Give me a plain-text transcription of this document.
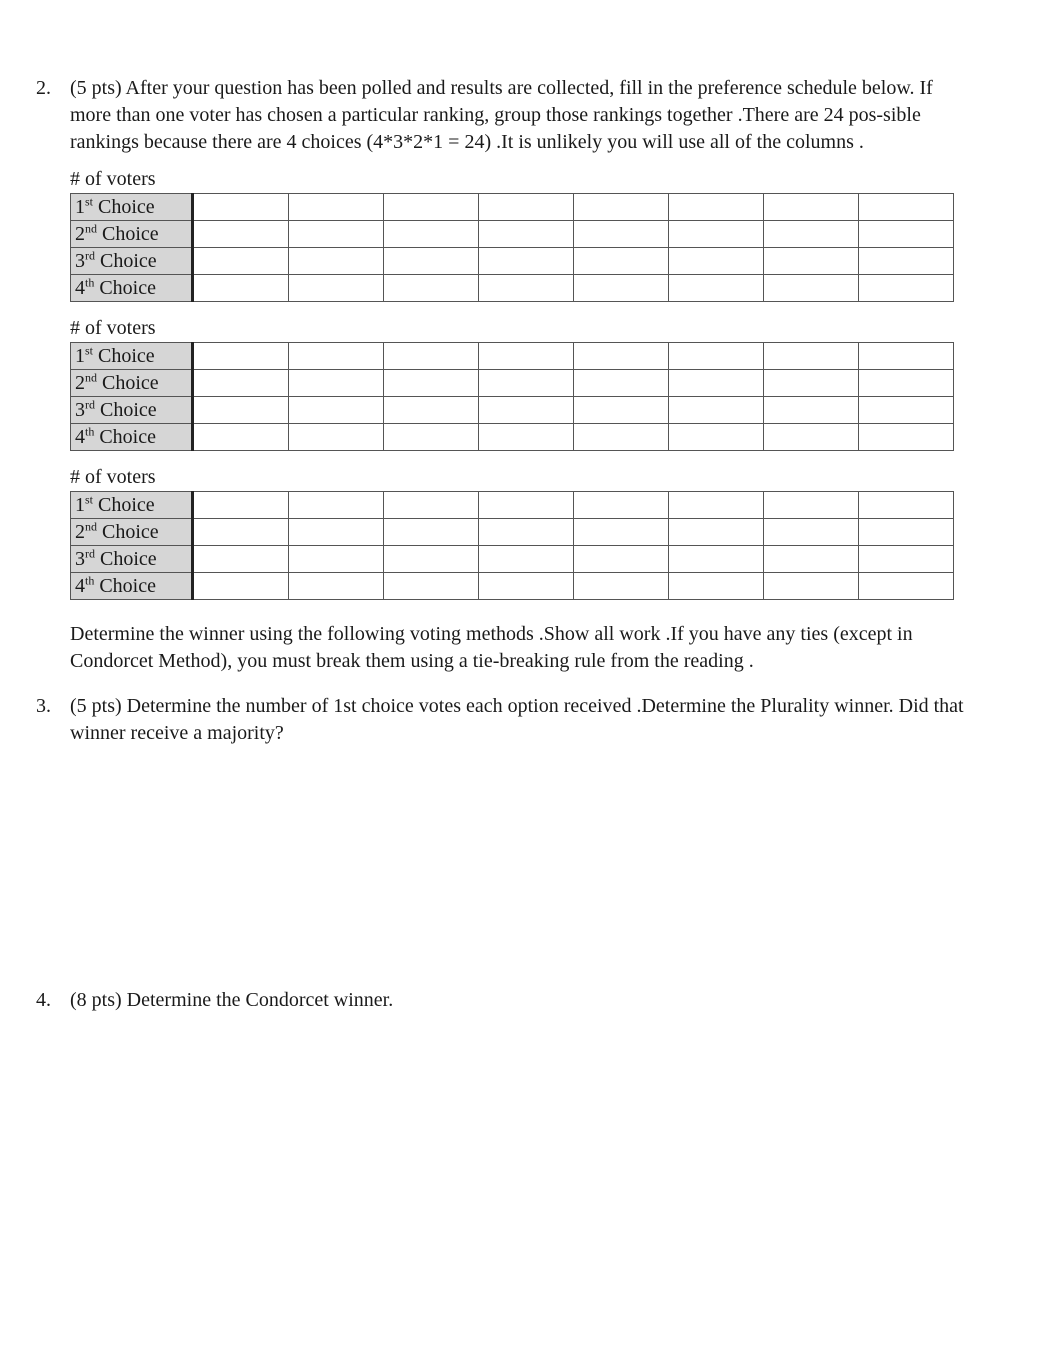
2. (5 pts) After your question has been polled and results are collected, fill in the preference schedule below. If more than one voter has chosen a particular ranking, group those rankings together .There are 24 pos-sible rankings because there are 4 choices (4*3*2*1 = 24) .It is unlikely you will use all of the columns .
# of voters
1st Choice								
2nd Choice								
3rd Choice								
4th Choice								
# of voters
1st Choice								
2nd Choice								
3rd Choice								
4th Choice								
# of voters
1st Choice								
2nd Choice								
3rd Choice								
4th Choice								
Determine the winner using the following voting methods .Show all work .If you have any ties (except in Condorcet Method), you must break them using a tie-breaking rule from the reading .
3. (5 pts) Determine the number of 1st choice votes each option received .Determine the Plurality winner. Did that winner receive a majority?
4. (8 pts) Determine the Condorcet winner.
